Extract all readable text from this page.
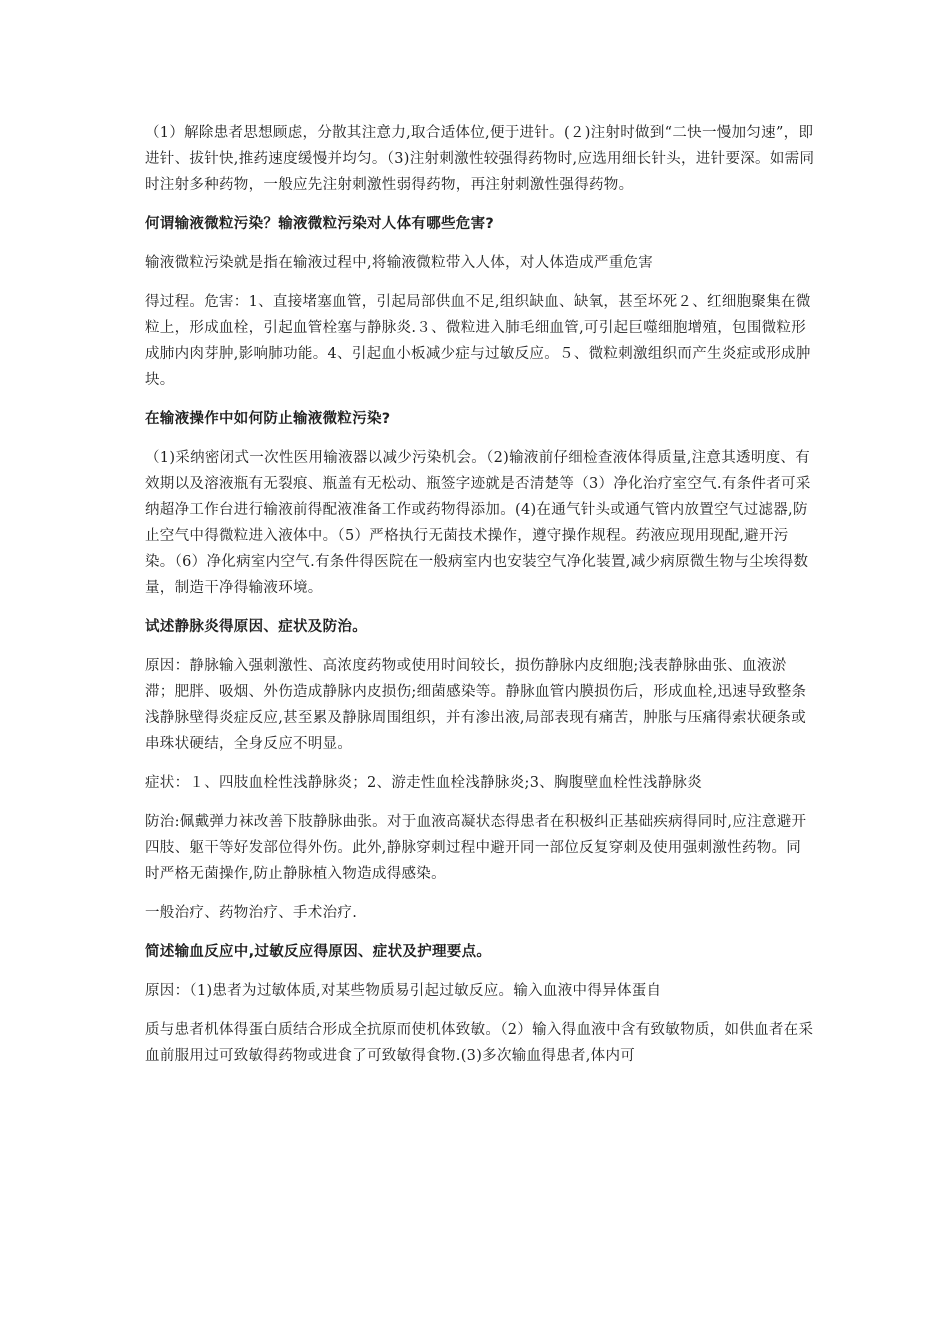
（1）解除患者思想顾虑，分散其注意力,取合适体位,便于进针。(２)注射时做到“二快一慢加匀速”，即进针、拔针快,推药速度缓慢并均匀。（3)注射刺激性较强得药物时,应选用细长针头，进针要深。如需同时注射多种药物，一般应先注射刺激性弱得药物，再注射刺激性强得药物。

何谓输液微粒污染？输液微粒污染对人体有哪些危害?

输液微粒污染就是指在输液过程中,将输液微粒带入人体，对人体造成严重危害

得过程。危害：1、直接堵塞血管，引起局部供血不足,组织缺血、缺氧，甚至坏死２、红细胞聚集在微粒上，形成血栓，引起血管栓塞与静脉炎.３、微粒进入肺毛细血管,可引起巨噬细胞增殖，包围微粒形成肺内肉芽肿,影响肺功能。4、引起血小板减少症与过敏反应。５、微粒刺激组织而产生炎症或形成肿块。

在输液操作中如何防止输液微粒污染?

（1)采纳密闭式一次性医用输液器以减少污染机会。（2)输液前仔细检查液体得质量,注意其透明度、有效期以及溶液瓶有无裂痕、瓶盖有无松动、瓶签字迹就是否清楚等（3）净化治疗室空气.有条件者可采纳超净工作台进行输液前得配液准备工作或药物得添加。(4)在通气针头或通气管内放置空气过滤器,防止空气中得微粒进入液体中。（5）严格执行无菌技术操作，遵守操作规程。药液应现用现配,避开污染。（6）净化病室内空气.有条件得医院在一般病室内也安装空气净化装置,减少病原微生物与尘埃得数量，制造干净得输液环境。

试述静脉炎得原因、症状及防治。

原因：静脉输入强刺激性、高浓度药物或使用时间较长，损伤静脉内皮细胞;浅表静脉曲张、血液淤滞；肥胖、吸烟、外伤造成静脉内皮损伤;细菌感染等。静脉血管内膜损伤后，形成血栓,迅速导致整条浅静脉壁得炎症反应,甚至累及静脉周围组织，并有渗出液,局部表现有痛苦，肿胀与压痛得索状硬条或串珠状硬结，全身反应不明显。

症状：１、四肢血栓性浅静脉炎；2、游走性血栓浅静脉炎;3、胸腹壁血栓性浅静脉炎

防治:佩戴弹力袜改善下肢静脉曲张。对于血液高凝状态得患者在积极纠正基础疾病得同时,应注意避开四肢、躯干等好发部位得外伤。此外,静脉穿刺过程中避开同一部位反复穿刺及使用强刺激性药物。同时严格无菌操作,防止静脉植入物造成得感染。

一般治疗、药物治疗、手术治疗.

简述输血反应中,过敏反应得原因、症状及护理要点。

原因：（1)患者为过敏体质,对某些物质易引起过敏反应。输入血液中得异体蛋自

质与患者机体得蛋白质结合形成全抗原而使机体致敏。（2）输入得血液中含有致敏物质，如供血者在采血前服用过可致敏得药物或进食了可致敏得食物.(3)多次输血得患者,体内可
